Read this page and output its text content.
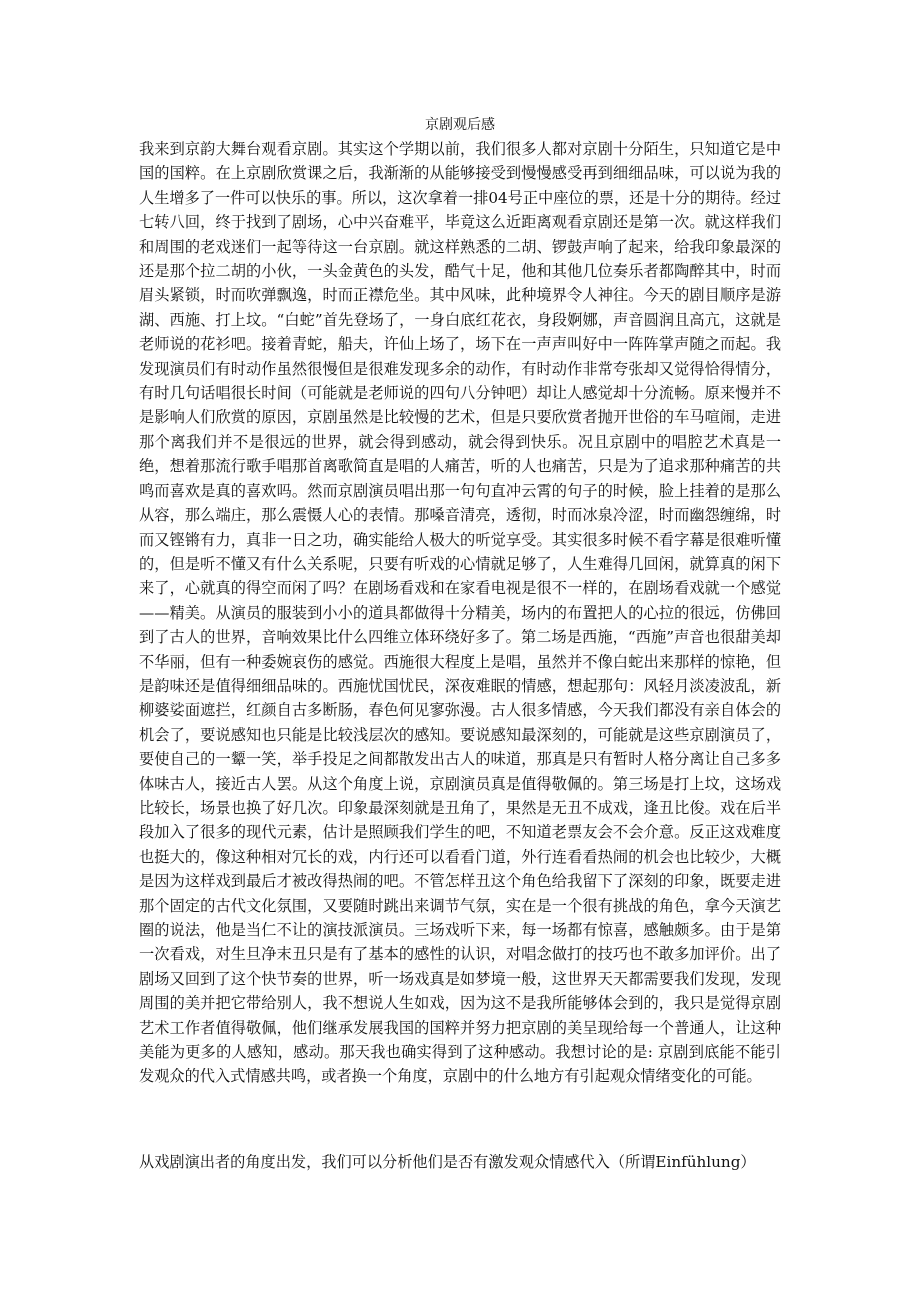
京剧观后感

我来到京韵大舞台观看京剧。其实这个学期以前，我们很多人都对京剧十分陌生，只知道它是中国的国粹。在上京剧欣赏课之后，我渐渐的从能够接受到慢慢感受再到细细品味，可以说为我的人生增多了一件可以快乐的事。所以，这次拿着一排04号正中座位的票，还是十分的期待。经过七转八回，终于找到了剧场，心中兴奋难平，毕竟这么近距离观看京剧还是第一次。就这样我们和周围的老戏迷们一起等待这一台京剧。就这样熟悉的二胡、锣鼓声响了起来，给我印象最深的还是那个拉二胡的小伙，一头金黄色的头发，酷气十足，他和其他几位奏乐者都陶醉其中，时而眉头紧锁，时而吹弹飘逸，时而正襟危坐。其中风味，此种境界令人神往。今天的剧目顺序是游湖、西施、打上坟。“白蛇”首先登场了，一身白底红花衣，身段婀娜，声音圆润且高亢，这就是老师说的花衫吧。接着青蛇，船夫，许仙上场了，场下在一声声叫好中一阵阵掌声随之而起。我发现演员们有时动作虽然很慢但是很难发现多余的动作，有时动作非常夸张却又觉得恰得情分，有时几句话唱很长时间（可能就是老师说的四句八分钟吧）却让人感觉却十分流畅。原来慢并不是影响人们欣赏的原因，京剧虽然是比较慢的艺术，但是只要欣赏者抛开世俗的车马喧闹，走进那个离我们并不是很远的世界，就会得到感动，就会得到快乐。况且京剧中的唱腔艺术真是一绝，想着那流行歌手唱那首离歌简直是唱的人痛苦，听的人也痛苦，只是为了追求那种痛苦的共鸣而喜欢是真的喜欢吗。然而京剧演员唱出那一句句直冲云霄的句子的时候，脸上挂着的是那么从容，那么端庄，那么震慑人心的表情。那嗓音清亮，透彻，时而冰泉冷涩，时而幽怨缠绵，时而又铿锵有力，真非一日之功，确实能给人极大的听觉享受。其实很多时候不看字幕是很难听懂的，但是听不懂又有什么关系呢，只要有听戏的心情就足够了，人生难得几回闲，就算真的闲下来了，心就真的得空而闲了吗？在剧场看戏和在家看电视是很不一样的，在剧场看戏就一个感觉——精美。从演员的服装到小小的道具都做得十分精美，场内的布置把人的心拉的很远，仿佛回到了古人的世界，音响效果比什么四维立体环绕好多了。第二场是西施，“西施”声音也很甜美却不华丽，但有一种委婉哀伤的感觉。西施很大程度上是唱，虽然并不像白蛇出来那样的惊艳，但是韵味还是值得细细品味的。西施忧国忧民，深夜难眠的情感，想起那句：风轻月淡凌波乱，新柳婆娑面遮拦，红颜自古多断肠，春色何见寥弥漫。古人很多情感，今天我们都没有亲自体会的机会了，要说感知也只能是比较浅层次的感知。要说感知最深刻的，可能就是这些京剧演员了，要使自己的一颦一笑，举手投足之间都散发出古人的味道，那真是只有暂时人格分离让自己多多体味古人，接近古人罢。从这个角度上说，京剧演员真是值得敬佩的。第三场是打上坟，这场戏比较长，场景也换了好几次。印象最深刻就是丑角了，果然是无丑不成戏，逢丑比俊。戏在后半段加入了很多的现代元素，估计是照顾我们学生的吧，不知道老票友会不会介意。反正这戏难度也挺大的，像这种相对冗长的戏，内行还可以看看门道，外行连看看热闹的机会也比较少，大概是因为这样戏到最后才被改得热闹的吧。不管怎样丑这个角色给我留下了深刻的印象，既要走进那个固定的古代文化氛围，又要随时跳出来调节气氛，实在是一个很有挑战的角色，拿今天演艺圈的说法，他是当仁不让的演技派演员。三场戏听下来，每一场都有惊喜，感触颇多。由于是第一次看戏，对生旦净末丑只是有了基本的感性的认识，对唱念做打的技巧也不敢多加评价。出了剧场又回到了这个快节奏的世界，听一场戏真是如梦境一般，这世界天天都需要我们发现，发现周围的美并把它带给别人，我不想说人生如戏，因为这不是我所能够体会到的，我只是觉得京剧艺术工作者值得敬佩，他们继承发展我国的国粹并努力把京剧的美呈现给每一个普通人，让这种美能为更多的人感知，感动。那天我也确实得到了这种感动。我想讨论的是: 京剧到底能不能引发观众的代入式情感共鸣，或者换一个角度，京剧中的什么地方有引起观众情绪变化的可能。

从戏剧演出者的角度出发，我们可以分析他们是否有激发观众情感代入（所谓Einfühlung）
